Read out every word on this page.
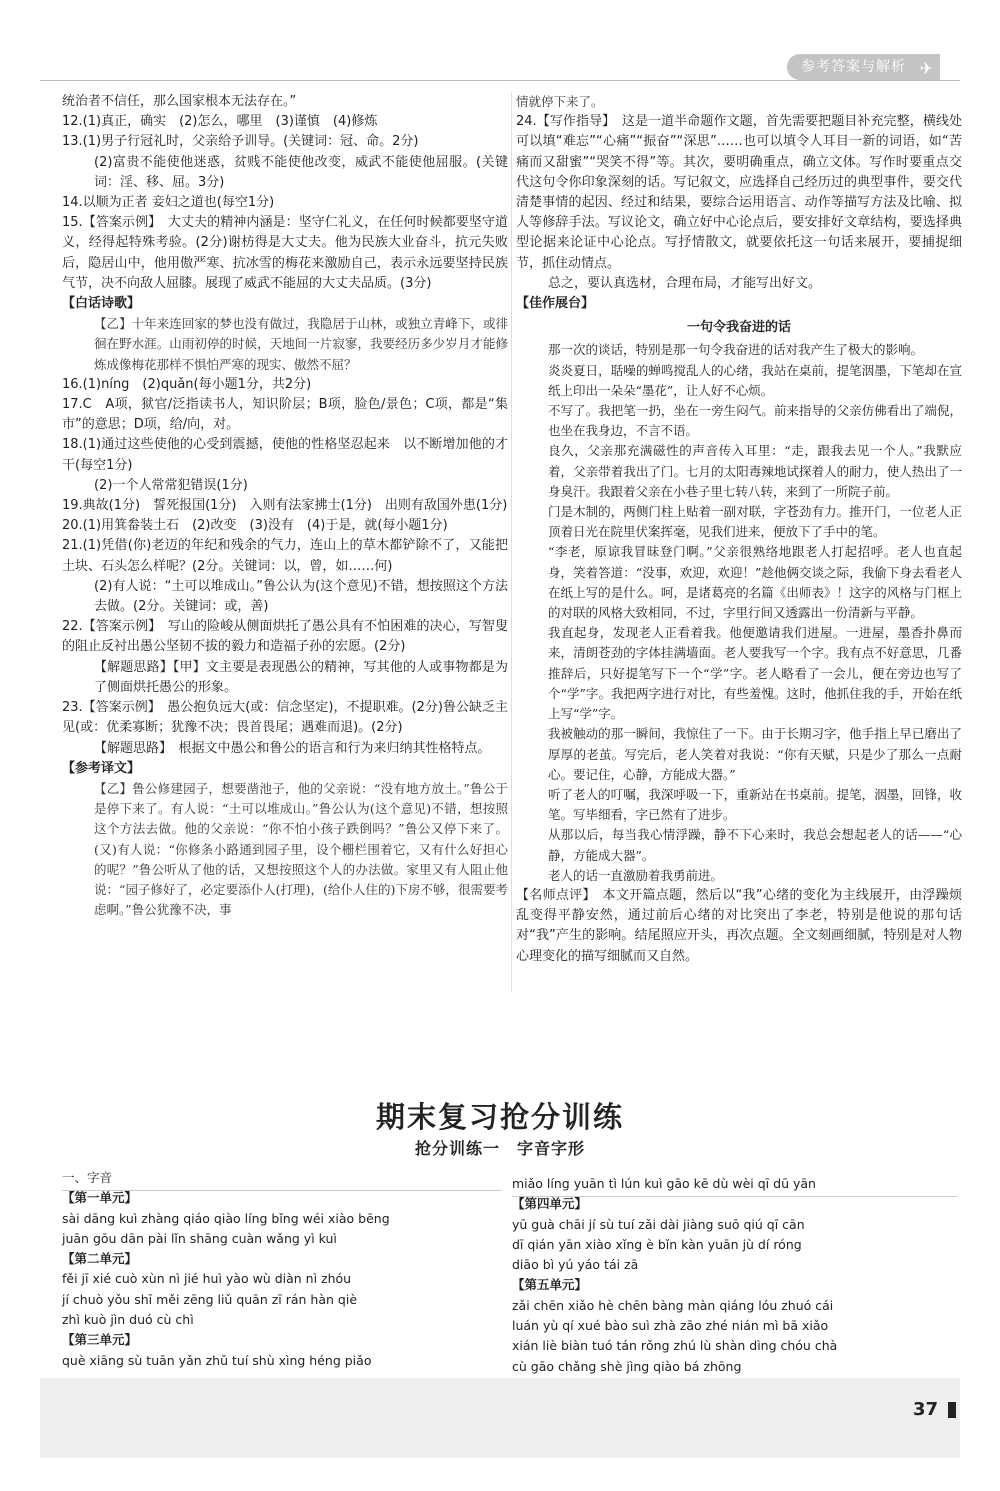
参考答案与解析 ✈

统治者不信任，那么国家根本无法存在。”

12.(1)真正，确实　(2)怎么，哪里　(3)谨慎　(4)修炼

13.(1)男子行冠礼时，父亲给予训导。(关键词：冠、命。2分)

(2)富贵不能使他迷惑，贫贱不能使他改变，威武不能使他屈服。(关键词：淫、移、屈。3分)

14.以顺为正者 妾妇之道也(每空1分)

15.【答案示例】　大丈夫的精神内涵是：坚守仁礼义，在任何时候都要坚守道义，经得起特殊考验。(2分)谢枋得是大丈夫。他为民族大业奋斗，抗元失败后，隐居山中，他用傲严寒、抗冰雪的梅花来激励自己，表示永远要坚持民族气节，决不向敌人屈膝。展现了威武不能屈的大丈夫品质。(3分)

【白话诗歌】

【乙】十年来连回家的梦也没有做过，我隐居于山林，或独立青峰下，或徘徊在野水涯。山雨初停的时候，天地间一片寂寥，我要经历多少岁月才能修炼成像梅花那样不惧怕严寒的现实、傲然不屈？

16.(1)níng　(2)quǎn(每小题1分，共2分)

17.C　A项，狱官/泛指读书人，知识阶层；B项，脸色/景色；C项，都是“集市”的意思；D项，给/向，对。

18.(1)通过这些使他的心受到震撼，使他的性格坚忍起来　以不断增加他的才干(每空1分)

(2)一个人常常犯错误(1分)

19.典故(1分)　誓死报国(1分)　入则有法家拂士(1分)　出则有敌国外患(1分)

20.(1)用箕畚装土石　(2)改变　(3)没有　(4)于是，就(每小题1分)

21.(1)凭借(你)老迈的年纪和残余的气力，连山上的草木都铲除不了，又能把土块、石头怎么样呢？(2分。关键词：以，曾，如……何)

(2)有人说：“土可以堆成山。”鲁公认为(这个意见)不错，想按照这个方法去做。(2分。关键词：或，善)

22.【答案示例】　写山的险峻从侧面烘托了愚公具有不怕困难的决心，写智叟的阻止反衬出愚公坚韧不拔的毅力和造福子孙的宏愿。(2分)

【解题思路】【甲】文主要是表现愚公的精神，写其他的人或事物都是为了侧面烘托愚公的形象。

23.【答案示例】　愚公抱负远大(或：信念坚定)，不提职难。(2分)鲁公缺乏主见(或：优柔寡断；犹豫不决；畏首畏尾；遇难而退)。(2分)

【解题思路】　根据文中愚公和鲁公的语言和行为来归纳其性格特点。

【参考译文】

【乙】鲁公修建园子，想要凿池子，他的父亲说：“没有地方放土。”鲁公于是停下来了。有人说：“土可以堆成山。”鲁公认为(这个意见)不错，想按照这个方法去做。他的父亲说：“你不怕小孩子跌倒吗？”鲁公又停下来了。(又)有人说：“你修条小路通到园子里，设个栅栏围着它，又有什么好担心的呢？”鲁公听从了他的话，又想按照这个人的办法做。家里又有人阻止他说：“园子修好了，必定要添仆人(打理)，(给仆人住的)下房不够，很需要考虑啊。”鲁公犹豫不决，事

情就停下来了。

24.【写作指导】　这是一道半命题作文题，首先需要把题目补充完整，横线处可以填“难忘”“心痛”“振奋”“深思”……也可以填令人耳目一新的词语，如“苦痛而又甜蜜”“哭笑不得”等。其次，要明确重点，确立文体。写作时要重点交代这句令你印象深刻的话。写记叙文，应选择自己经历过的典型事件，要交代清楚事情的起因、经过和结果，要综合运用语言、动作等描写方法及比喻、拟人等修辞手法。写议论文，确立好中心论点后，要安排好文章结构，要选择典型论据来论证中心论点。写抒情散文，就要依托这一句话来展开，要捕捉细节，抓住动情点。

总之，要认真选材，合理布局，才能写出好文。

【佳作展台】

一句令我奋进的话

那一次的谈话，特别是那一句令我奋进的话对我产生了极大的影响。

炎炎夏日，聒噪的蝉鸣搅乱人的心绪，我站在桌前，提笔洇墨，下笔却在宣纸上印出一朵朵“墨花”，让人好不心烦。

不写了。我把笔一扔，坐在一旁生闷气。前来指导的父亲仿佛看出了端倪，也坐在我身边，不言不语。

良久，父亲那充满磁性的声音传入耳里：“走，跟我去见一个人。”我默应着，父亲带着我出了门。七月的太阳毒辣地试探着人的耐力，使人热出了一身臭汗。我跟着父亲在小巷子里七转八转，来到了一所院子前。

门是木制的，两侧门柱上贴着一副对联，字苍劲有力。推开门，一位老人正顶着日光在院里伏案挥毫，见我们进来，便放下了手中的笔。

“李老，原谅我冒昧登门啊。”父亲很熟络地跟老人打起招呼。老人也直起身，笑着答道：“没事，欢迎，欢迎！”趁他俩交谈之际，我偷下身去看老人在纸上写的是什么。呵，是诸葛亮的名篇《出师表》！这字的风格与门框上的对联的风格大致相同，不过，字里行间又透露出一份清新与平静。

我直起身，发现老人正看着我。他便邀请我们进屋。一进屋，墨香扑鼻而来，清朗苍劲的字体挂满墙面。老人要我写一个字。我有点不好意思，几番推辞后，只好提笔写下一个“学”字。老人略看了一会儿，便在旁边也写了个“学”字。我把两字进行对比，有些羞愧。这时，他抓住我的手，开始在纸上写“学”字。

我被触动的那一瞬间，我惊住了一下。由于长期习字，他手指上早已磨出了厚厚的老茧。写完后，老人笑着对我说：“你有天赋，只是少了那么一点耐心。要记住，心静，方能成大器。”

听了老人的叮嘱，我深呼吸一下，重新站在书桌前。提笔，洇墨，回锋，收笔。写毕细看，字已然有了进步。

从那以后，每当我心情浮躁，静不下心来时，我总会想起老人的话——“心静，方能成大器”。

老人的话一直激励着我勇前进。

【名师点评】　本文开篇点题，然后以“我”心绪的变化为主线展开，由浮躁烦乱变得平静安然，通过前后心绪的对比突出了李老，特别是他说的那句话对“我”产生的影响。结尾照应开头，再次点题。全文刻画细腻，特别是对人物心理变化的描写细腻而又自然。

期末复习抢分训练
抢分训练一　字音字形
一、字音
【第一单元】
sài dāng kuì zhàng qiáo qiào líng bǐng wéi xiào bēng
juān gōu dān pài lǐn shāng cuàn wǎng yì kuì
【第二单元】
fěi jī xié cuò xùn nì jié huì yào wù diàn nì zhóu
jí chuò yǒu shī měi zēng liǔ quān zī rán hàn qiè
zhì kuò jìn duó cù chì
【第三单元】
què xiāng sù tuān yǎn zhǔ tuí shù xìng héng piǎo
miǎo líng yuān tì lún kuì gāo kē dù wèi qī dū yān
【第四单元】
yū guà chāi jí sù tuí zǎi dài jiàng suō qiú qī cān
dī qián yān xiào xǐng è bǐn kàn yuān jù dí róng
diāo bì yú yáo tái zā
【第五单元】
zǎi chēn xiǎo hè chēn bàng màn qiáng lóu zhuó cái
luán yù qí xué bào suì zhà zāo zhé nián mì bā xiǎo
xián liè biàn tuó tán rǒng zhú lù shàn dìng chóu chà
cù gāo chǎng shè jìng qiào bá zhōng
37
